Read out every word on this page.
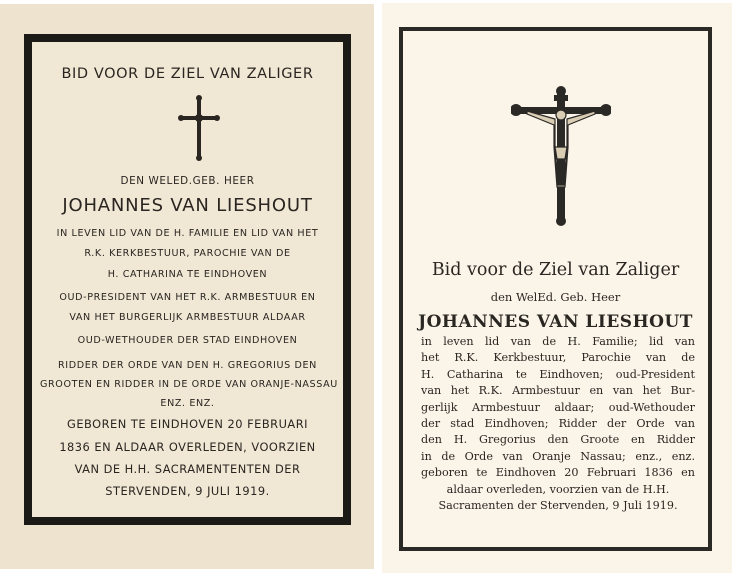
BID VOOR DE ZIEL VAN ZALIGER
DEN WELED.GEB. HEER
JOHANNES VAN LIESHOUT
IN LEVEN LID VAN DE H. FAMILIE EN LID VAN HET
R.K. KERKBESTUUR, PAROCHIE VAN DE
H. CATHARINA TE EINDHOVEN
OUD-PRESIDENT VAN HET R.K. ARMBESTUUR EN
VAN HET BURGERLIJK ARMBESTUUR ALDAAR
OUD-WETHOUDER DER STAD EINDHOVEN
RIDDER DER ORDE VAN DEN H. GREGORIUS DEN
GROOTEN EN RIDDER IN DE ORDE VAN ORANJE-NASSAU
ENZ. ENZ.
GEBOREN TE EINDHOVEN 20 FEBRUARI
1836 EN ALDAAR OVERLEDEN, VOORZIEN
VAN DE H.H. SACRAMENTENTEN DER
STERVENDEN, 9 JULI 1919.
Bid voor de Ziel van Zaliger
den WelEd. Geb. Heer
JOHANNES VAN LIESHOUT
in leven lid van de H. Familie; lid van
het R.K. Kerkbestuur, Parochie van de
H. Catharina te Eindhoven; oud-President
van het R.K. Armbestuur en van het Bur-
gerlijk Armbestuur aldaar; oud-Wethouder
der stad Eindhoven; Ridder der Orde van
den H. Gregorius den Groote en Ridder
in de Orde van Oranje Nassau; enz., enz.
geboren te Eindhoven 20 Februari 1836 en
aldaar overleden, voorzien van de H.H.
Sacramenten der Stervenden, 9 Juli 1919.
